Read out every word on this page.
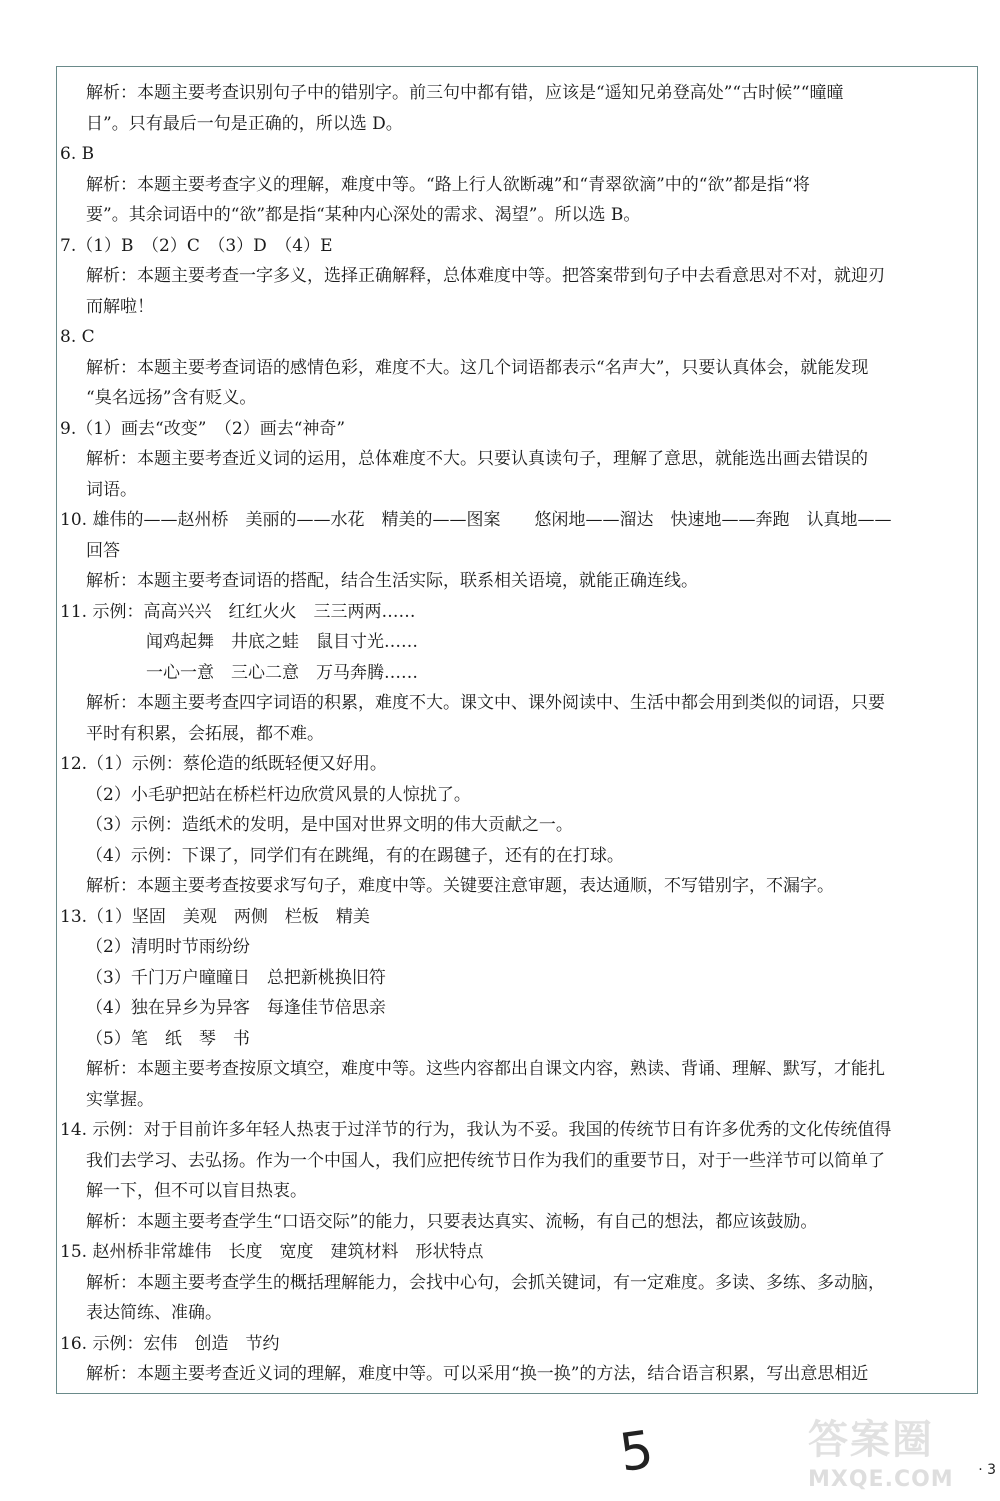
解析：本题主要考查识别句子中的错别字。前三句中都有错，应该是“遥知兄弟登高处”“古时候”“曈曈

日”。只有最后一句是正确的，所以选 D。

6. B

解析：本题主要考查字义的理解，难度中等。“路上行人欲断魂”和“青翠欲滴”中的“欲”都是指“将

要”。其余词语中的“欲”都是指“某种内心深处的需求、渴望”。所以选 B。

7.（1）B　（2）C　（3）D　（4）E

解析：本题主要考查一字多义，选择正确解释，总体难度中等。把答案带到句子中去看意思对不对，就迎刃

而解啦！

8. C

解析：本题主要考查词语的感情色彩，难度不大。这几个词语都表示“名声大”，只要认真体会，就能发现

“臭名远扬”含有贬义。

9.（1）画去“改变”　（2）画去“神奇”

解析：本题主要考查近义词的运用，总体难度不大。只要认真读句子，理解了意思，就能选出画去错误的

词语。

10. 雄伟的——赵州桥　美丽的——水花　精美的——图案　　悠闲地——溜达　快速地——奔跑　认真地——

回答

解析：本题主要考查词语的搭配，结合生活实际，联系相关语境，就能正确连线。

11. 示例：高高兴兴　红红火火　三三两两……

闻鸡起舞　井底之蛙　鼠目寸光……

一心一意　三心二意　万马奔腾……

解析：本题主要考查四字词语的积累，难度不大。课文中、课外阅读中、生活中都会用到类似的词语，只要

平时有积累，会拓展，都不难。

12.（1）示例：蔡伦造的纸既轻便又好用。

（2）小毛驴把站在桥栏杆边欣赏风景的人惊扰了。

（3）示例：造纸术的发明，是中国对世界文明的伟大贡献之一。

（4）示例：下课了，同学们有在跳绳，有的在踢毽子，还有的在打球。

解析：本题主要考查按要求写句子，难度中等。关键要注意审题，表达通顺，不写错别字，不漏字。

13.（1）坚固　美观　两侧　栏板　精美

（2）清明时节雨纷纷

（3）千门万户曈曈日　总把新桃换旧符

（4）独在异乡为异客　每逢佳节倍思亲

（5）笔　纸　琴　书

解析：本题主要考查按原文填空，难度中等。这些内容都出自课文内容，熟读、背诵、理解、默写，才能扎

实掌握。

14. 示例：对于目前许多年轻人热衷于过洋节的行为，我认为不妥。我国的传统节日有许多优秀的文化传统值得

我们去学习、去弘扬。作为一个中国人，我们应把传统节日作为我们的重要节日，对于一些洋节可以简单了

解一下，但不可以盲目热衷。

解析：本题主要考查学生“口语交际”的能力，只要表达真实、流畅，有自己的想法，都应该鼓励。

15. 赵州桥非常雄伟　长度　宽度　建筑材料　形状特点

解析：本题主要考查学生的概括理解能力，会找中心句，会抓关键词，有一定难度。多读、多练、多动脑，

表达简练、准确。

16. 示例：宏伟　创造　节约

解析：本题主要考查近义词的理解，难度中等。可以采用“换一换”的方法，结合语言积累，写出意思相近

5	答案圈
MXQE.COM	· 3
